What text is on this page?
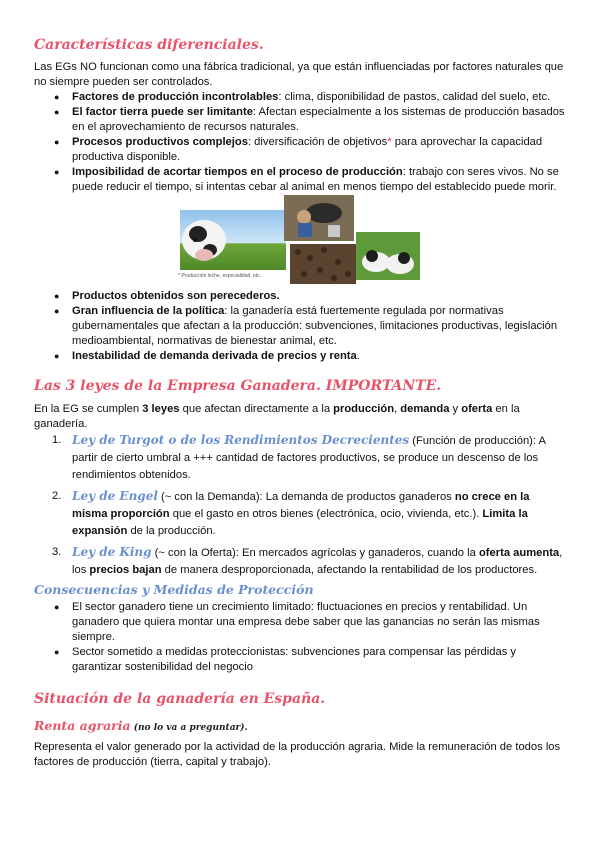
Características diferenciales.

Las EGs NO funcionan como una fábrica tradicional, ya que están influenciadas por factores naturales que no siempre pueden ser controlados.

● Factores de producción incontrolables: clima, disponibilidad de pastos, calidad del suelo, etc.
● El factor tierra puede ser limitante: Afectan especialmente a los sistemas de producción basados en el aprovechamiento de recursos naturales.
● Procesos productivos complejos: diversificación de objetivos* para aprovechar la capacidad productiva disponible.
● Imposibilidad de acortar tiempos en el proceso de producción: trabajo con seres vivos. No se puede reducir el tiempo, si intentas cebar al animal en menos tiempo del establecido puede morir.
* Producción leche, especialidad, etc.
● Productos obtenidos son perecederos.
● Gran influencia de la política: la ganadería está fuertemente regulada por normativas gubernamentales que afectan a la producción: subvenciones, limitaciones productivas, legislación medioambiental, normativas de bienestar animal, etc.
● Inestabilidad de demanda derivada de precios y renta.
Las 3 leyes de la Empresa Ganadera. IMPORTANTE.

En la EG se cumplen 3 leyes que afectan directamente a la producción, demanda y oferta en la ganadería.

1. Ley de Turgot o de los Rendimientos Decrecientes (Función de producción): A partir de cierto umbral a +++ cantidad de factores productivos, se produce un descenso de los rendimientos obtenidos.
2. Ley de Engel (~ con la Demanda): La demanda de productos ganaderos no crece en la misma proporción que el gasto en otros bienes (electrónica, ocio, vivienda, etc.). Limita la expansión de la producción.
3. Ley de King (~ con la Oferta): En mercados agrícolas y ganaderos, cuando la oferta aumenta, los precios bajan de manera desproporcionada, afectando la rentabilidad de los productores.
Consecuencias y Medidas de Protección
● El sector ganadero tiene un crecimiento limitado: fluctuaciones en precios y rentabilidad. Un ganadero que quiera montar una empresa debe saber que las ganancias no serán las mismas siempre.
● Sector sometido a medidas proteccionistas: subvenciones para compensar las pérdidas y garantizar sostenibilidad del negocio
Situación de la ganadería en España.
Renta agraria (no lo va a preguntar).

Representa el valor generado por la actividad de la producción agraria. Mide la remuneración de todos los factores de producción (tierra, capital y trabajo).
